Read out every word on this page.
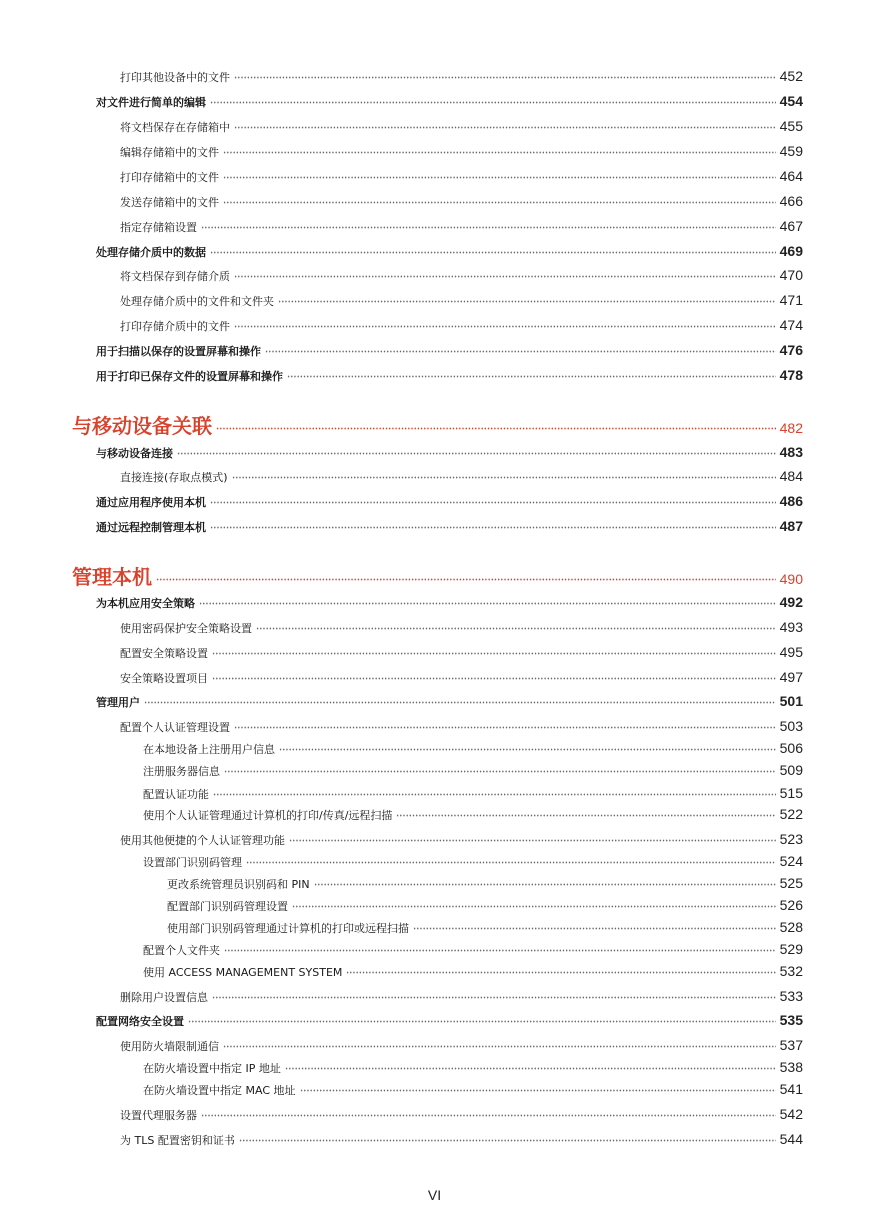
打印其他设备中的文件	452
对文件进行简单的编辑	454
将文档保存在存储箱中	455
编辑存储箱中的文件	459
打印存储箱中的文件	464
发送存储箱中的文件	466
指定存储箱设置	467
处理存储介质中的数据	469
将文档保存到存储介质	470
处理存储介质中的文件和文件夹	471
打印存储介质中的文件	474
用于扫描以保存的设置屏幕和操作	476
用于打印已保存文件的设置屏幕和操作	478
与移动设备关联	482
与移动设备连接	483
直接连接(存取点模式)	484
通过应用程序使用本机	486
通过远程控制管理本机	487
管理本机	490
为本机应用安全策略	492
使用密码保护安全策略设置	493
配置安全策略设置	495
安全策略设置项目	497
管理用户	501
配置个人认证管理设置	503
在本地设备上注册用户信息	506
注册服务器信息	509
配置认证功能	515
使用个人认证管理通过计算机的打印/传真/远程扫描	522
使用其他便捷的个人认证管理功能	523
设置部门识别码管理	524
更改系统管理员识别码和 PIN	525
配置部门识别码管理设置	526
使用部门识别码管理通过计算机的打印或远程扫描	528
配置个人文件夹	529
使用 ACCESS MANAGEMENT SYSTEM	532
删除用户设置信息	533
配置网络安全设置	535
使用防火墙限制通信	537
在防火墙设置中指定 IP 地址	538
在防火墙设置中指定 MAC 地址	541
设置代理服务器	542
为 TLS 配置密钥和证书	544
VI
